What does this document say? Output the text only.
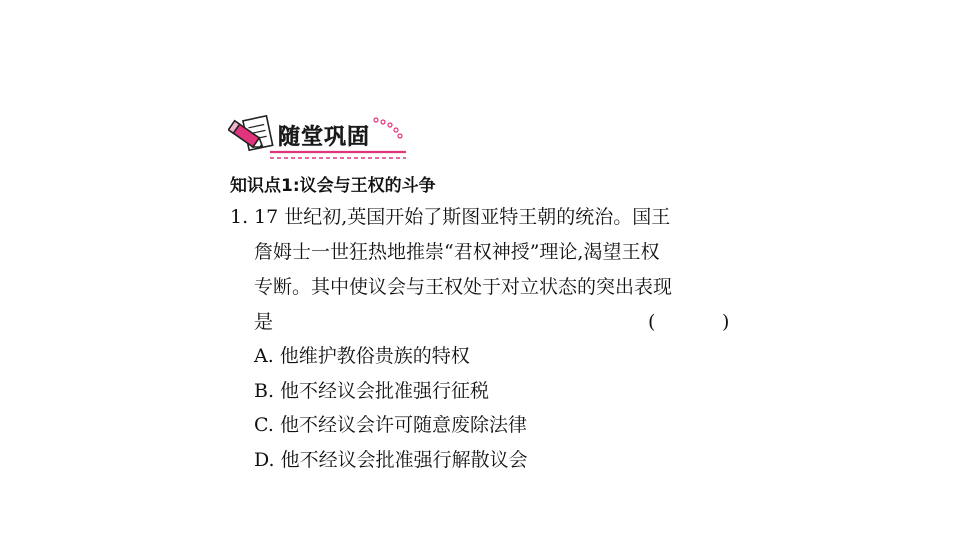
随堂巩固
知识点1:议会与王权的斗争
1. 17 世纪初,英国开始了斯图亚特王朝的统治。国王
詹姆士一世狂热地推崇“君权神授”理论,渴望王权
专断。其中使议会与王权处于对立状态的突出表现
是	(	)
A. 他维护教俗贵族的特权
B. 他不经议会批准强行征税
C. 他不经议会许可随意废除法律
D. 他不经议会批准强行解散议会
